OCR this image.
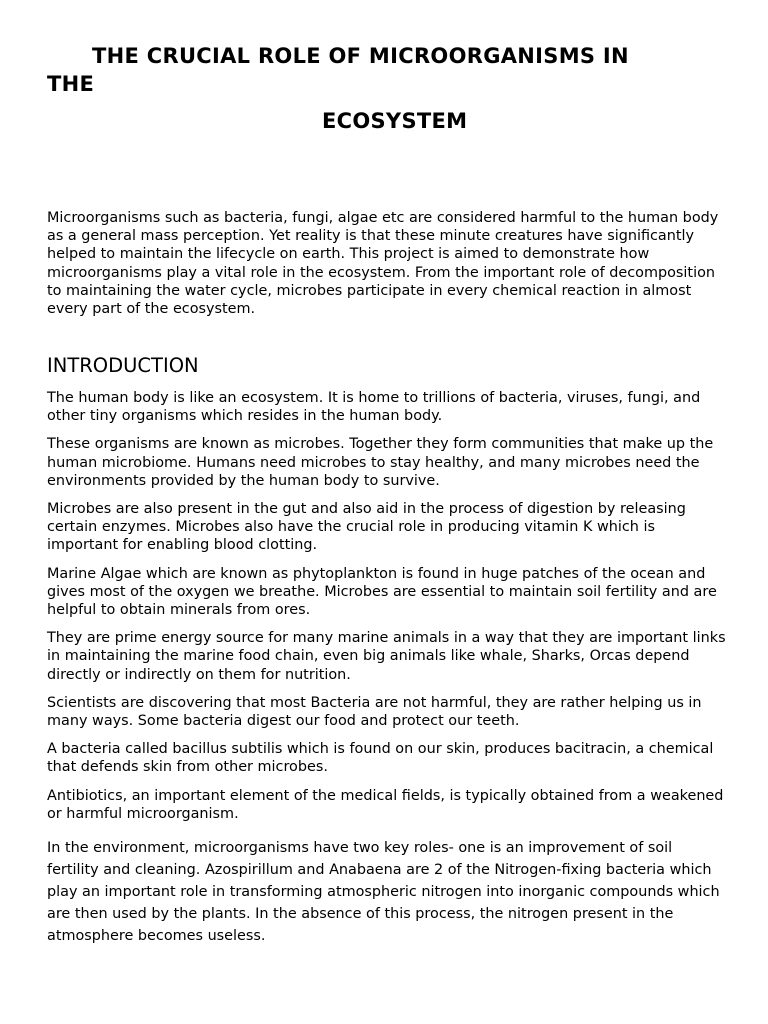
THE CRUCIAL ROLE OF MICROORGANISMS IN
THE
ECOSYSTEM

Microorganisms such as bacteria, fungi, algae etc are considered harmful to the human body as a general mass perception. Yet reality is that these minute creatures have significantly helped to maintain the lifecycle on earth. This project is aimed to demonstrate how microorganisms play a vital role in the ecosystem. From the important role of decomposition to maintaining the water cycle, microbes participate in every chemical reaction in almost every part of the ecosystem.

INTRODUCTION

The human body is like an ecosystem. It is home to trillions of bacteria, viruses, fungi, and other tiny organisms which resides in the human body.

These organisms are known as microbes. Together they form communities that make up the human microbiome. Humans need microbes to stay healthy, and many microbes need the environments provided by the human body to survive.

Microbes are also present in the gut and also aid in the process of digestion by releasing certain enzymes. Microbes also have the crucial role in producing vitamin K which is important for enabling blood clotting.

Marine Algae which are known as phytoplankton is found in huge patches of the ocean and gives most of the oxygen we breathe. Microbes are essential to maintain soil fertility and are helpful to obtain minerals from ores.

They are prime energy source for many marine animals in a way that they are important links in maintaining the marine food chain, even big animals like whale, Sharks, Orcas depend directly or indirectly on them for nutrition.

Scientists are discovering that most Bacteria are not harmful, they are rather helping us in many ways. Some bacteria digest our food and protect our teeth.

A bacteria called bacillus subtilis which is found on our skin, produces bacitracin, a chemical that defends skin from other microbes.

Antibiotics, an important element of the medical fields, is typically obtained from a weakened or harmful microorganism.

In the environment, microorganisms have two key roles- one is an improvement of soil fertility and cleaning. Azospirillum and Anabaena are 2 of the Nitrogen-fixing bacteria which play an important role in transforming atmospheric nitrogen into inorganic compounds which are then used by the plants. In the absence of this process, the nitrogen present in the atmosphere becomes useless.
